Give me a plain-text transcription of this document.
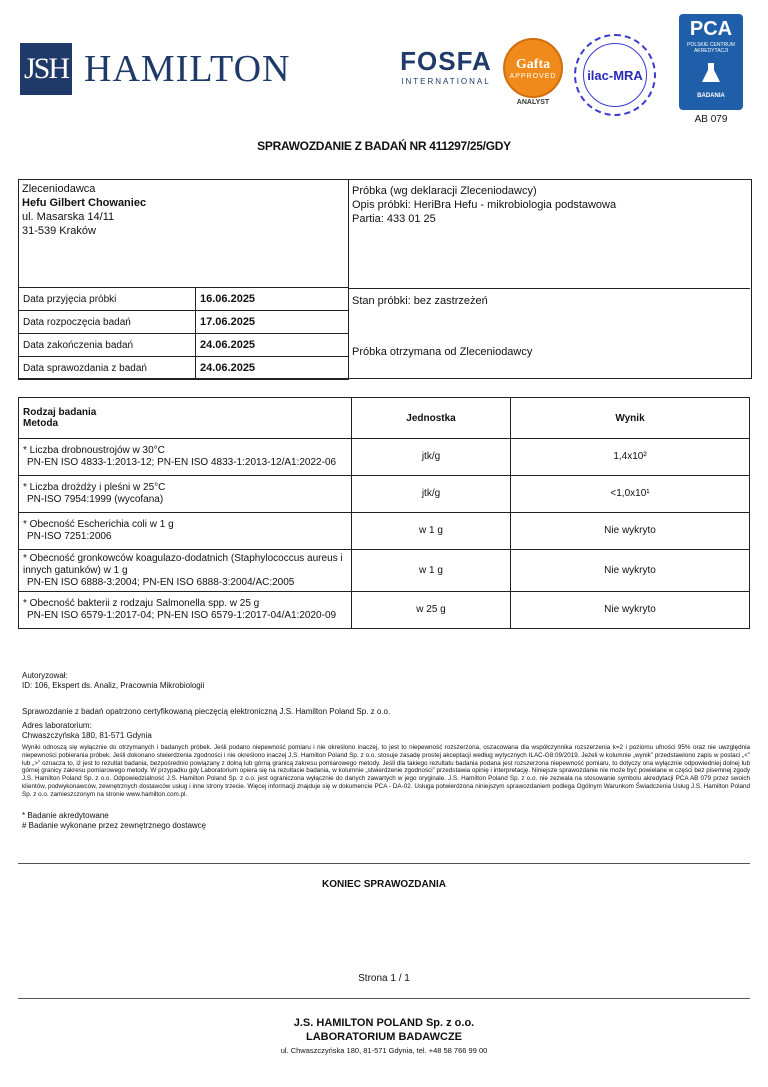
JSH HAMILTON	FOSFA
INTERNATIONAL
Gafta
APPROVED
ANALYST
ilac-MRA
PCA
POLSKIE CENTRUM AKREDYTACJI
BADANIA
AB 079
SPRAWOZDANIE Z BADAŃ NR 411297/25/GDY
Zleceniodawca
Hefu Gilbert Chowaniec
ul. Masarska 14/11
31-539 Kraków
Próbka (wg deklaracji Zleceniodawcy)
Opis próbki: HeriBra Hefu - mikrobiologia podstawowa
Partia: 433 01 25
Data przyjęcia próbki	16.06.2025
Data rozpoczęcia badań	17.06.2025
Data zakończenia badań	24.06.2025
Data sprawozdania z badań	24.06.2025
Stan próbki: bez zastrzeżeń
Próbka otrzymana od Zleceniodawcy
Rodzaj badania
Metoda	Jednostka	Wynik

* Liczba drobnoustrojów w 30°C
PN-EN ISO 4833-1:2013-12; PN-EN ISO 4833-1:2013-12/A1:2022-06	jtk/g	1,4x10²

* Liczba drożdży i pleśni w 25°C
PN-ISO 7954:1999 (wycofana)	jtk/g	<1,0x10¹

* Obecność Escherichia coli w 1 g
PN-ISO 7251:2006	w 1 g	Nie wykryto

* Obecność gronkowców koagulazo-dodatnich (Staphylococcus aureus i innych gatunków) w 1 g
PN-EN ISO 6888-3:2004; PN-EN ISO 6888-3:2004/AC:2005	w 1 g	Nie wykryto

* Obecność bakterii z rodzaju Salmonella spp. w 25 g
PN-EN ISO 6579-1:2017-04; PN-EN ISO 6579-1:2017-04/A1:2020-09	w 25 g	Nie wykryto
Autoryzował:
ID: 106, Ekspert ds. Analiz, Pracownia Mikrobiologii
Sprawozdanie z badań opatrzono certyfikowaną pieczęcią elektroniczną J.S. Hamilton Poland Sp. z o.o.
Adres laboratorium:
Chwaszczyńska 180, 81-571 Gdynia
Wyniki odnoszą się wyłącznie do otrzymanych i badanych próbek. Jeśli podano niepewność pomiaru i nie określono inaczej, to jest to niepewność rozszerzona, oszacowana dla współczynnika rozszerzenia k=2 i poziomu ufności 95% oraz nie uwzględnia niepewności pobierania próbek. Jeśli dokonano stwierdzenia zgodności i nie określono inaczej J.S. Hamilton Poland Sp. z o.o. stosuje zasadę prostej akceptacji według wytycznych ILAC-G8:09/2019. Jeżeli w kolumnie „wynik” przedstawiono zapis w postaci „<” lub „>” oznacza to, iż jest to rezultat badania, bezpośrednio powiązany z dolną lub górną granicą zakresu pomiarowego metody. Jeśli dla takiego rezultatu badania podana jest rozszerzona niepewność pomiaru, to dotyczy ona wyłącznie odpowiedniej dolnej lub górnej granicy zakresu pomiarowego metody. W przypadku gdy Laboratorium opiera się na rezultacie badania, w kolumnie „stwierdzenie zgodności” przedstawia opinię i interpretację. Niniejsze sprawozdanie nie może być powielane w części bez pisemnej zgody J.S. Hamilton Poland Sp. z o.o. Odpowiedzialność J.S. Hamilton Poland Sp. z o.o. jest ograniczona wyłącznie do danych zawartych w jego oryginale. J.S. Hamilton Poland Sp. z o.o. nie zezwala na stosowanie symbolu akredytacji PCA AB 079 przez swoich klientów, podwykonawców, zewnętrznych dostawców usług i inne strony trzecie. Więcej informacji znajduje się w dokumencie PCA - DA-02. Usługa potwierdzona niniejszym sprawozdaniem podlega Ogólnym Warunkom Świadczenia Usług J.S. Hamilton Poland Sp. z o.o. zamieszczonym na stronie www.hamilton.com.pl.
* Badanie akredytowane
# Badanie wykonane przez zewnętrznego dostawcę
KONIEC SPRAWOZDANIA
Strona 1 / 1
J.S. HAMILTON POLAND Sp. z o.o.
LABORATORIUM BADAWCZE
ul. Chwaszczyńska 180, 81-571 Gdynia, tel. +48 58 766 99 00
